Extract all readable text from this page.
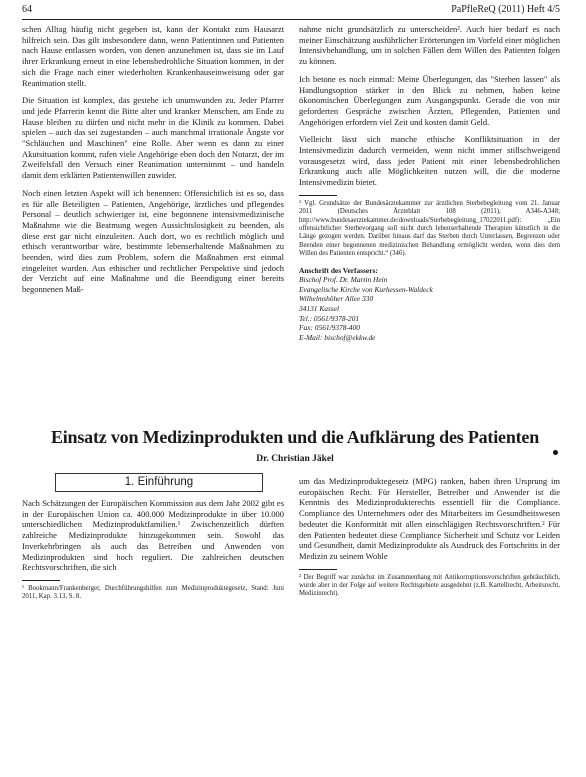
64	PaPfleReQ (2011) Heft 4/5

schen Alltag häufig nicht gegeben ist, kann der Kontakt zum Hausarzt hilfreich sein. Das gilt insbesondere dann, wenn Patientinnen und Patienten nach Hause entlassen worden, von denen anzunehmen ist, dass sie im Lauf ihrer Erkrankung erneut in eine lebensbedrohliche Situation kommen, in der sich die Frage nach einer wiederholten Krankenhauseinweisung oder gar Reanimation stellt.

Die Situation ist komplex, das gestehe ich unumwunden zu. Jeder Pfarrer und jede Pfarrerin kennt die Bitte alter und kranker Menschen, am Ende zu Hause bleiben zu dürfen und nicht mehr in die Klinik zu kommen. Dabei spielen – auch das sei zugestanden – auch manchmal irrationale Ängste vor "Schläuchen und Maschinen" eine Rolle. Aber wenn es dann zu einer Akutsituation kommt, rufen viele Angehörige eben doch den Notarzt, der im Zweifelsfall den Versuch einer Reanimation unternimmt – und handeln damit dem erklärten Patientenwillen zuwider.

Noch einen letzten Aspekt will ich benennen: Offensichtlich ist es so, dass es für alle Beteiligten – Patienten, Angehörige, ärztliches und pflegendes Personal – deutlich schwieriger ist, eine begonnene intensivmedizinische Maßnahme wie die Beatmung wegen Aussichtslosigkeit zu beenden, als diese erst gar nicht einzuleiten. Auch dort, wo es rechtlich möglich und ethisch verantwortbar wäre, bestimmte lebenserhaltende Maßnahmen zu beenden, wird dies zum Problem, sofern die Maßnahmen erst einmal eingeleitet wurden. Aus ethischer und rechtlicher Perspektive sind jedoch der Verzicht auf eine Maßnahme und die Beendigung einer bereits begonnenen Maß-

nahme nicht grundsätzlich zu unterscheiden². Auch hier bedarf es nach meiner Einschätzung ausführlicher Erörterungen im Vorfeld einer möglichen Intensivbehandlung, um in solchen Fällen dem Willen des Patienten folgen zu können.

Ich betone es noch einmal: Meine Überlegungen, das "Sterben lassen" als Handlungsoption stärker in den Blick zu nehmen, haben keine ökonomischen Überlegungen zum Ausgangspunkt. Gerade die von mir geforderten Gespräche zwischen Ärzten, Pflegenden, Patienten und Angehörigen erfordern viel Zeit und kosten damit Geld.

Vielleicht lässt sich manche ethische Konfliktsituation in der Intensivmedizin dadurch vermeiden, wenn nicht immer stillschweigend vorausgesetzt wird, dass jeder Patient mit einer lebensbedrohlichen Erkrankung auch alle Möglichkeiten nutzen will, die die moderne Intensivmedizin bietet.

² Vgl. Grundsätze der Bundesärztekammer zur ärztlichen Sterbebegleitung vom 21. Januar 2011 (Deutsches Ärzteblatt 108 (2011), A346-A348; http://www.bundesaerztekammer.de/downloads/Sterbebegleitung_17022011.pdf): „Ein offensichtlicher Sterbevorgang soll nicht durch lebenserhaltende Therapien künstlich in die Länge gezogen werden. Darüber hinaus darf das Sterben durch Unterlassen, Begrenzen oder Beenden einer begonnenen medizinischen Behandlung ermöglicht werden, wenn dies dem Willen des Patienten entspricht.“ (346).

Anschrift des Verfassers:
Bischof Prof. Dr. Martin Hein
Evangelische Kirche von Kurhessen-Waldeck
Wilhelmshöher Allee 330
34131 Kassel
Tel.: 0561/9378-201
Fax: 0561/9378-400
E-Mail: bischof@ekkw.de
Einsatz von Medizinprodukten und die Aufklärung des Patienten
Dr. Christian Jäkel
1. Einführung

Nach Schätzungen der Europäischen Kommission aus dem Jahr 2002 gibt es in der Europäischen Union ca. 400.000 Medizinprodukte in über 10.000 unterschiedlichen Medizinproduktfamilien.¹ Zwischenzeitlich dürften zahlreiche Medizinprodukte hinzugekommen sein. Sowohl das Inverkehrbringen als auch das Betreiben und Anwenden von Medizinprodukten sind hoch reguliert. Die zahlreichen deutschen Rechtsvorschriften, die sich

¹ Bookmann/Frankenberger, Durchführungshilfen zum Medizinproduktegesetz, Stand: Juni 2011, Kap. 3.13, S. 8.

um das Medizinproduktegesetz (MPG) ranken, haben ihren Ursprung im europäischen Recht. Für Hersteller, Betreiber und Anwender ist die Kenntnis des Medizinprodukterechts essentiell für die Compliance. Compliance des Unternehmers oder des Mitarbeiters im Gesundheitswesen bedeutet die Konformität mit allen einschlägigen Rechtsvorschriften.² Für den Patienten bedeutet diese Compliance Sicherheit und Schutz vor Leiden und Gesundheit, damit Medizinprodukte als Ausdruck des Fortschritts in der Medizin zu seinem Wohle

² Der Begriff war zunächst im Zusammenhang mit Antikorruptionsvorschriften gebräuchlich, wurde aber in der Folge auf weitere Rechtsgebiete ausgedehnt (z.B. Kartellrecht, Arbeitsrecht, Medizinrecht).
